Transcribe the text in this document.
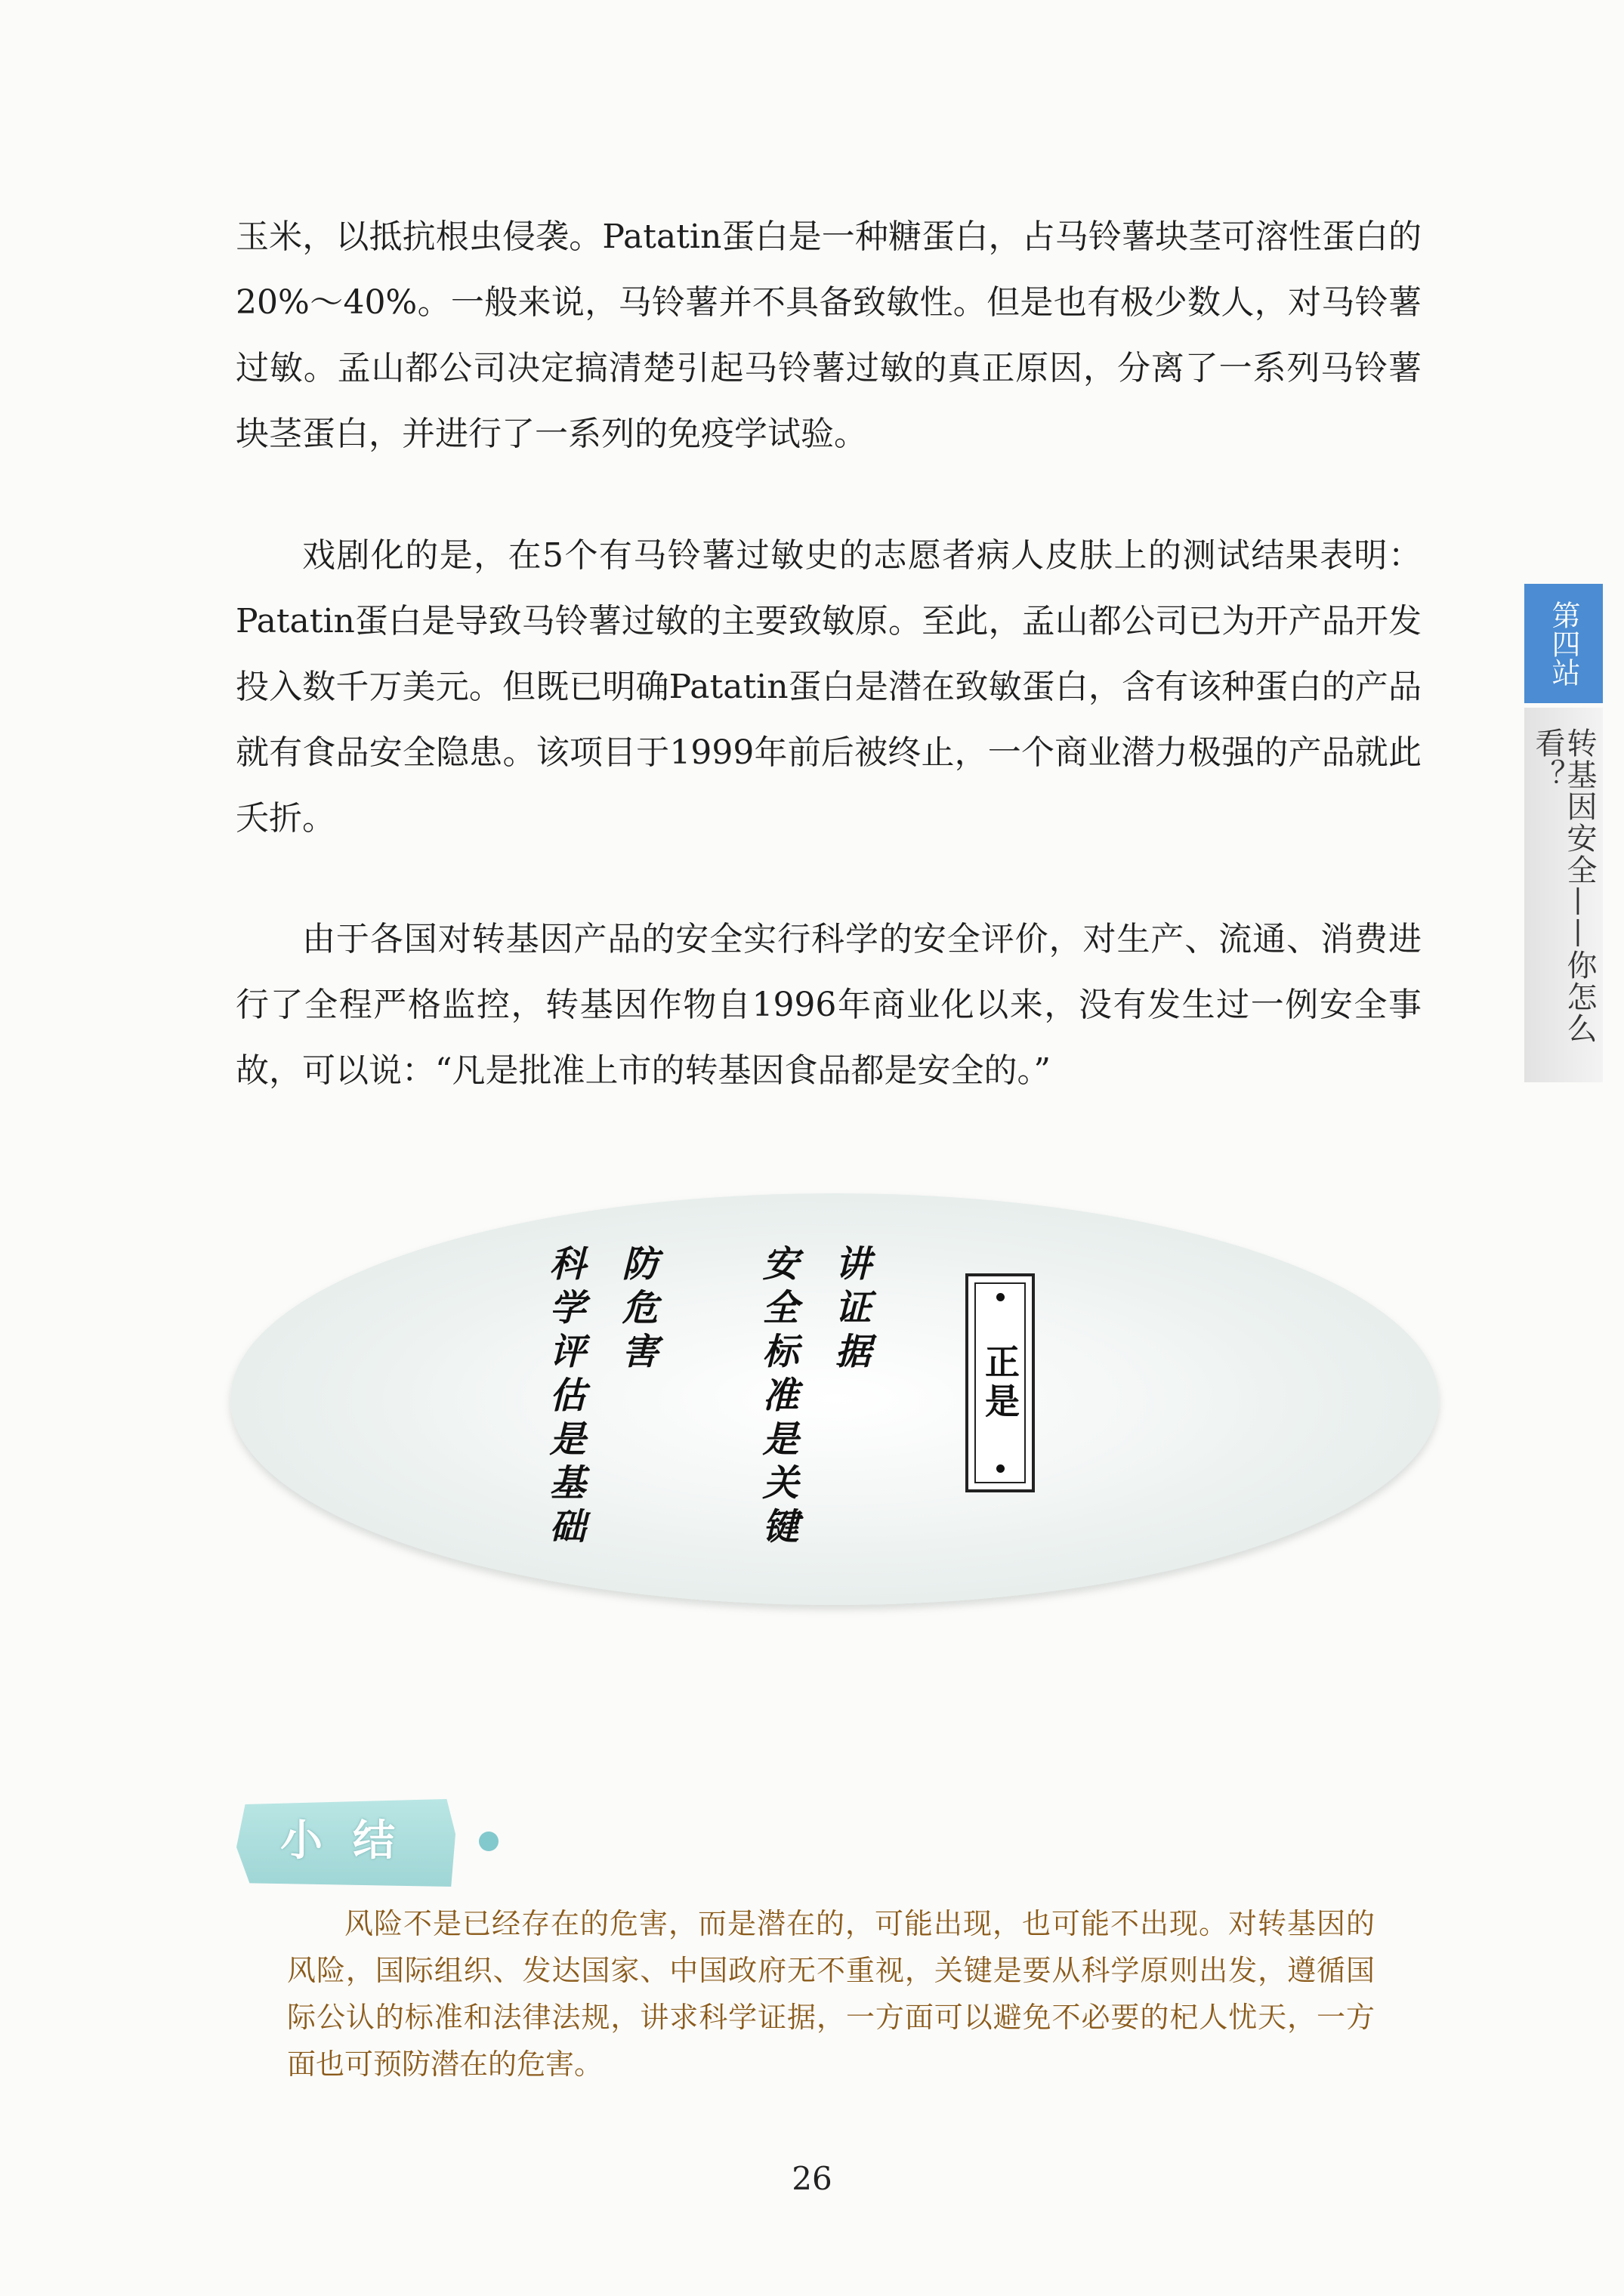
玉米，以抵抗根虫侵袭。Patatin蛋白是一种糖蛋白，占马铃薯块茎可溶性蛋白的20%～40%。一般来说，马铃薯并不具备致敏性。但是也有极少数人，对马铃薯过敏。孟山都公司决定搞清楚引起马铃薯过敏的真正原因，分离了一系列马铃薯块茎蛋白，并进行了一系列的免疫学试验。

戏剧化的是，在5个有马铃薯过敏史的志愿者病人皮肤上的测试结果表明：Patatin蛋白是导致马铃薯过敏的主要致敏原。至此，孟山都公司已为开产品开发投入数千万美元。但既已明确Patatin蛋白是潜在致敏蛋白，含有该种蛋白的产品就有食品安全隐患。该项目于1999年前后被终止，一个商业潜力极强的产品就此夭折。

由于各国对转基因产品的安全实行科学的安全评价，对生产、流通、消费进行了全程严格监控，转基因作物自1996年商业化以来，没有发生过一例安全事故，可以说：“凡是批准上市的转基因食品都是安全的。”

第四站
转基因安全——你怎么看？
防危害
科学评估是基础	讲证据
安全标准是关键	正是
小结

风险不是已经存在的危害，而是潜在的，可能出现，也可能不出现。对转基因的风险，国际组织、发达国家、中国政府无不重视，关键是要从科学原则出发，遵循国际公认的标准和法律法规，讲求科学证据，一方面可以避免不必要的杞人忧天，一方面也可预防潜在的危害。

26
